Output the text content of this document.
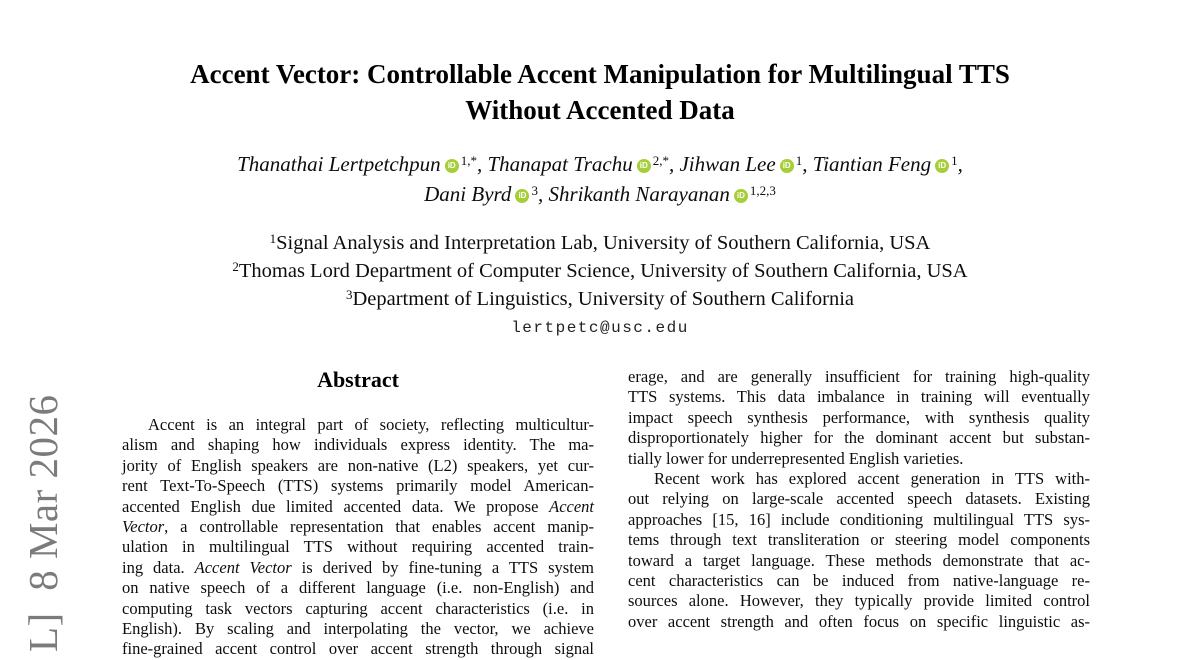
L]  8 Mar 2026
Accent Vector: Controllable Accent Manipulation for Multilingual TTS
Without Accented Data
Thanathai Lertpetchpun iD $^{1,*}$, Thanapat Trachu iD $^{2,*}$, Jihwan Lee iD $^1$, Tiantian Feng iD $^1$,
Dani Byrd iD $^3$, Shrikanth Narayanan iD $^{1,2,3}$
$^1$Signal Analysis and Interpretation Lab, University of Southern California, USA
$^2$Thomas Lord Department of Computer Science, University of Southern California, USA
$^3$Department of Linguistics, University of Southern California
lertpetc@usc.edu
Abstract
Accent is an integral part of society, reflecting multicultur-
alism and shaping how individuals express identity. The ma-
jority of English speakers are non-native (L2) speakers, yet cur-
rent Text-To-Speech (TTS) systems primarily model American-
accented English due limited accented data. We propose Accent
Vector, a controllable representation that enables accent manip-
ulation in multilingual TTS without requiring accented train-
ing data. Accent Vector is derived by fine-tuning a TTS system
on native speech of a different language (i.e. non-English) and
computing task vectors capturing accent characteristics (i.e. in
English). By scaling and interpolating the vector, we achieve
fine-grained accent control over accent strength through signal
erage, and are generally insufficient for training high-quality
TTS systems. This data imbalance in training will eventually
impact speech synthesis performance, with synthesis quality
disproportionately higher for the dominant accent but substan-
tially lower for underrepresented English varieties.
Recent work has explored accent generation in TTS with-
out relying on large-scale accented speech datasets. Existing
approaches [15, 16] include conditioning multilingual TTS sys-
tems through text transliteration or steering model components
toward a target language. These methods demonstrate that ac-
cent characteristics can be induced from native-language re-
sources alone. However, they typically provide limited control
over accent strength and often focus on specific linguistic as-
